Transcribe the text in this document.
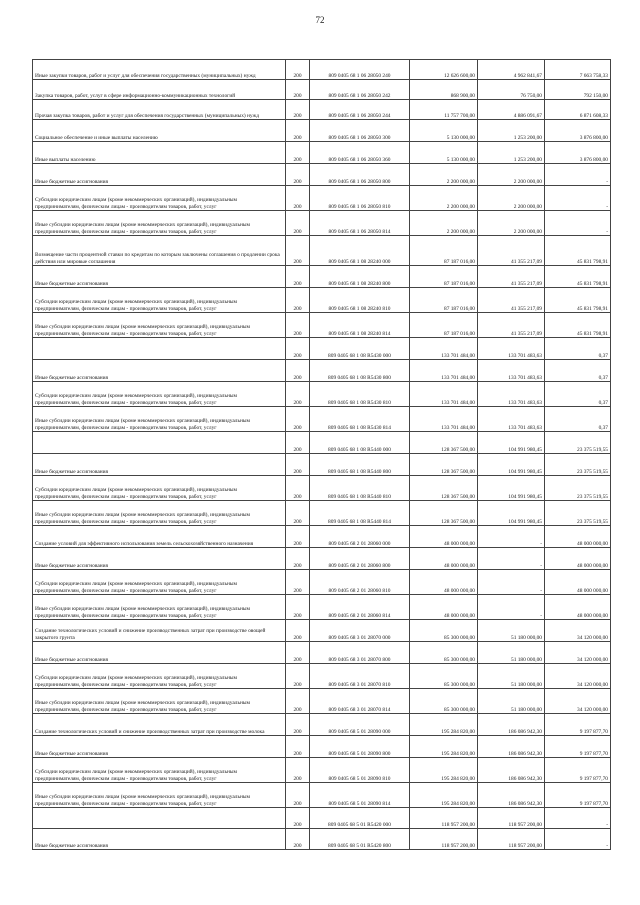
72
Иные закупки товаров, работ и услуг для обеспечения государственных (муниципальных) нужд	200	809 0405 68 1 06 28050 240	12 626 600,00	4 962 841,67	7 663 758,33
Закупка товаров, работ, услуг в сфере информационно-коммуникационных технологий	200	809 0405 68 1 06 28050 242	868 900,00	76 750,00	792 150,00
Прочая закупка товаров, работ и услуг для обеспечения государственных (муниципальных) нужд	200	809 0405 68 1 06 28050 244	11 757 700,00	4 886 091,67	6 871 608,33
Социальное обеспечение и иные выплаты населению	200	809 0405 68 1 06 28050 300	5 130 000,00	1 253 200,00	3 876 800,00
Иные выплаты населению	200	809 0405 68 1 06 28050 360	5 130 000,00	1 253 200,00	3 876 800,00
Иные бюджетные ассигнования	200	809 0405 68 1 06 28050 800	2 200 000,00	2 200 000,00	-
Субсидии юридическим лицам (кроме некоммерческих организаций), индивидуальным предпринимателям, физическим лицам - производителям товаров, работ, услуг	200	809 0405 68 1 06 28050 810	2 200 000,00	2 200 000,00	-
Иные субсидии юридическим лицам (кроме некоммерческих организаций), индивидуальным предпринимателям, физическим лицам - производителям товаров, работ, услуг	200	809 0405 68 1 06 28050 814	2 200 000,00	2 200 000,00	-
Возмещение части процентной ставки по кредитам по которым заключены соглашения о продлении срока действия или мировые соглашения	200	809 0405 68 1 08 28240 000	87 187 016,00	41 355 217,09	45 831 798,91
Иные бюджетные ассигнования	200	809 0405 68 1 08 28240 800	87 187 016,00	41 355 217,09	45 831 798,91
Субсидии юридическим лицам (кроме некоммерческих организаций), индивидуальным предпринимателям, физическим лицам - производителям товаров, работ, услуг	200	809 0405 68 1 08 28240 810	87 187 016,00	41 355 217,09	45 831 798,91
Иные субсидии юридическим лицам (кроме некоммерческих организаций), индивидуальным предпринимателям, физическим лицам - производителям товаров, работ, услуг	200	809 0405 68 1 08 28240 814	87 187 016,00	41 355 217,09	45 831 798,91
	200	809 0405 68 1 08 R5430 000	133 701 484,00	133 701 483,63	0,37
Иные бюджетные ассигнования	200	809 0405 68 1 08 R5430 800	133 701 484,00	133 701 483,63	0,37
Субсидии юридическим лицам (кроме некоммерческих организаций), индивидуальным предпринимателям, физическим лицам - производителям товаров, работ, услуг	200	809 0405 68 1 08 R5430 810	133 701 484,00	133 701 483,63	0,37
Иные субсидии юридическим лицам (кроме некоммерческих организаций), индивидуальным предпринимателям, физическим лицам - производителям товаров, работ, услуг	200	809 0405 68 1 08 R5430 814	133 701 484,00	133 701 483,63	0,37
	200	809 0405 68 1 08 R5440 000	128 367 500,00	104 991 980,45	23 375 519,55
Иные бюджетные ассигнования	200	809 0405 68 1 08 R5440 800	128 367 500,00	104 991 980,45	23 375 519,55
Субсидии юридическим лицам (кроме некоммерческих организаций), индивидуальным предпринимателям, физическим лицам - производителям товаров, работ, услуг	200	809 0405 68 1 08 R5440 810	128 367 500,00	104 991 980,45	23 375 519,55
Иные субсидии юридическим лицам (кроме некоммерческих организаций), индивидуальным предпринимателям, физическим лицам - производителям товаров, работ, услуг	200	809 0405 68 1 08 R5440 814	128 367 500,00	104 991 980,45	23 375 519,55
Создание условий для эффективного использования земель сельскохозяйственного назначения	200	809 0405 68 2 01 28060 000	48 000 000,00	-	48 000 000,00
Иные бюджетные ассигнования	200	809 0405 68 2 01 28060 800	48 000 000,00	-	48 000 000,00
Субсидии юридическим лицам (кроме некоммерческих организаций), индивидуальным предпринимателям, физическим лицам - производителям товаров, работ, услуг	200	809 0405 68 2 01 28060 810	48 000 000,00	-	48 000 000,00
Иные субсидии юридическим лицам (кроме некоммерческих организаций), индивидуальным предпринимателям, физическим лицам - производителям товаров, работ, услуг	200	809 0405 68 2 01 28060 814	48 000 000,00	-	48 000 000,00
Создание технологических условий и снижение производственных затрат при производстве овощей закрытого грунта	200	809 0405 68 3 01 28070 000	85 300 000,00	51 180 000,00	34 120 000,00
Иные бюджетные ассигнования	200	809 0405 68 3 01 28070 800	85 300 000,00	51 180 000,00	34 120 000,00
Субсидии юридическим лицам (кроме некоммерческих организаций), индивидуальным предпринимателям, физическим лицам - производителям товаров, работ, услуг	200	809 0405 68 3 01 28070 810	85 300 000,00	51 180 000,00	34 120 000,00
Иные субсидии юридическим лицам (кроме некоммерческих организаций), индивидуальным предпринимателям, физическим лицам - производителям товаров, работ, услуг	200	809 0405 68 3 01 28070 814	85 300 000,00	51 180 000,00	34 120 000,00
Создание технологических условий и снижение производственных затрат при производстве молока	200	809 0405 68 5 01 28090 000	195 284 820,00	186 086 942,30	9 197 877,70
Иные бюджетные ассигнования	200	809 0405 68 5 01 28090 800	195 284 820,00	186 086 942,30	9 197 877,70
Субсидии юридическим лицам (кроме некоммерческих организаций), индивидуальным предпринимателям, физическим лицам - производителям товаров, работ, услуг	200	809 0405 68 5 01 28090 810	195 284 820,00	186 086 942,30	9 197 877,70
Иные субсидии юридическим лицам (кроме некоммерческих организаций), индивидуальным предпринимателям, физическим лицам - производителям товаров, работ, услуг	200	809 0405 68 5 01 28090 814	195 284 820,00	186 086 942,30	9 197 877,70
	200	809 0405 68 5 01 R5420 000	118 957 200,00	118 957 200,00	-
Иные бюджетные ассигнования	200	809 0405 68 5 01 R5420 800	118 957 200,00	118 957 200,00	-
